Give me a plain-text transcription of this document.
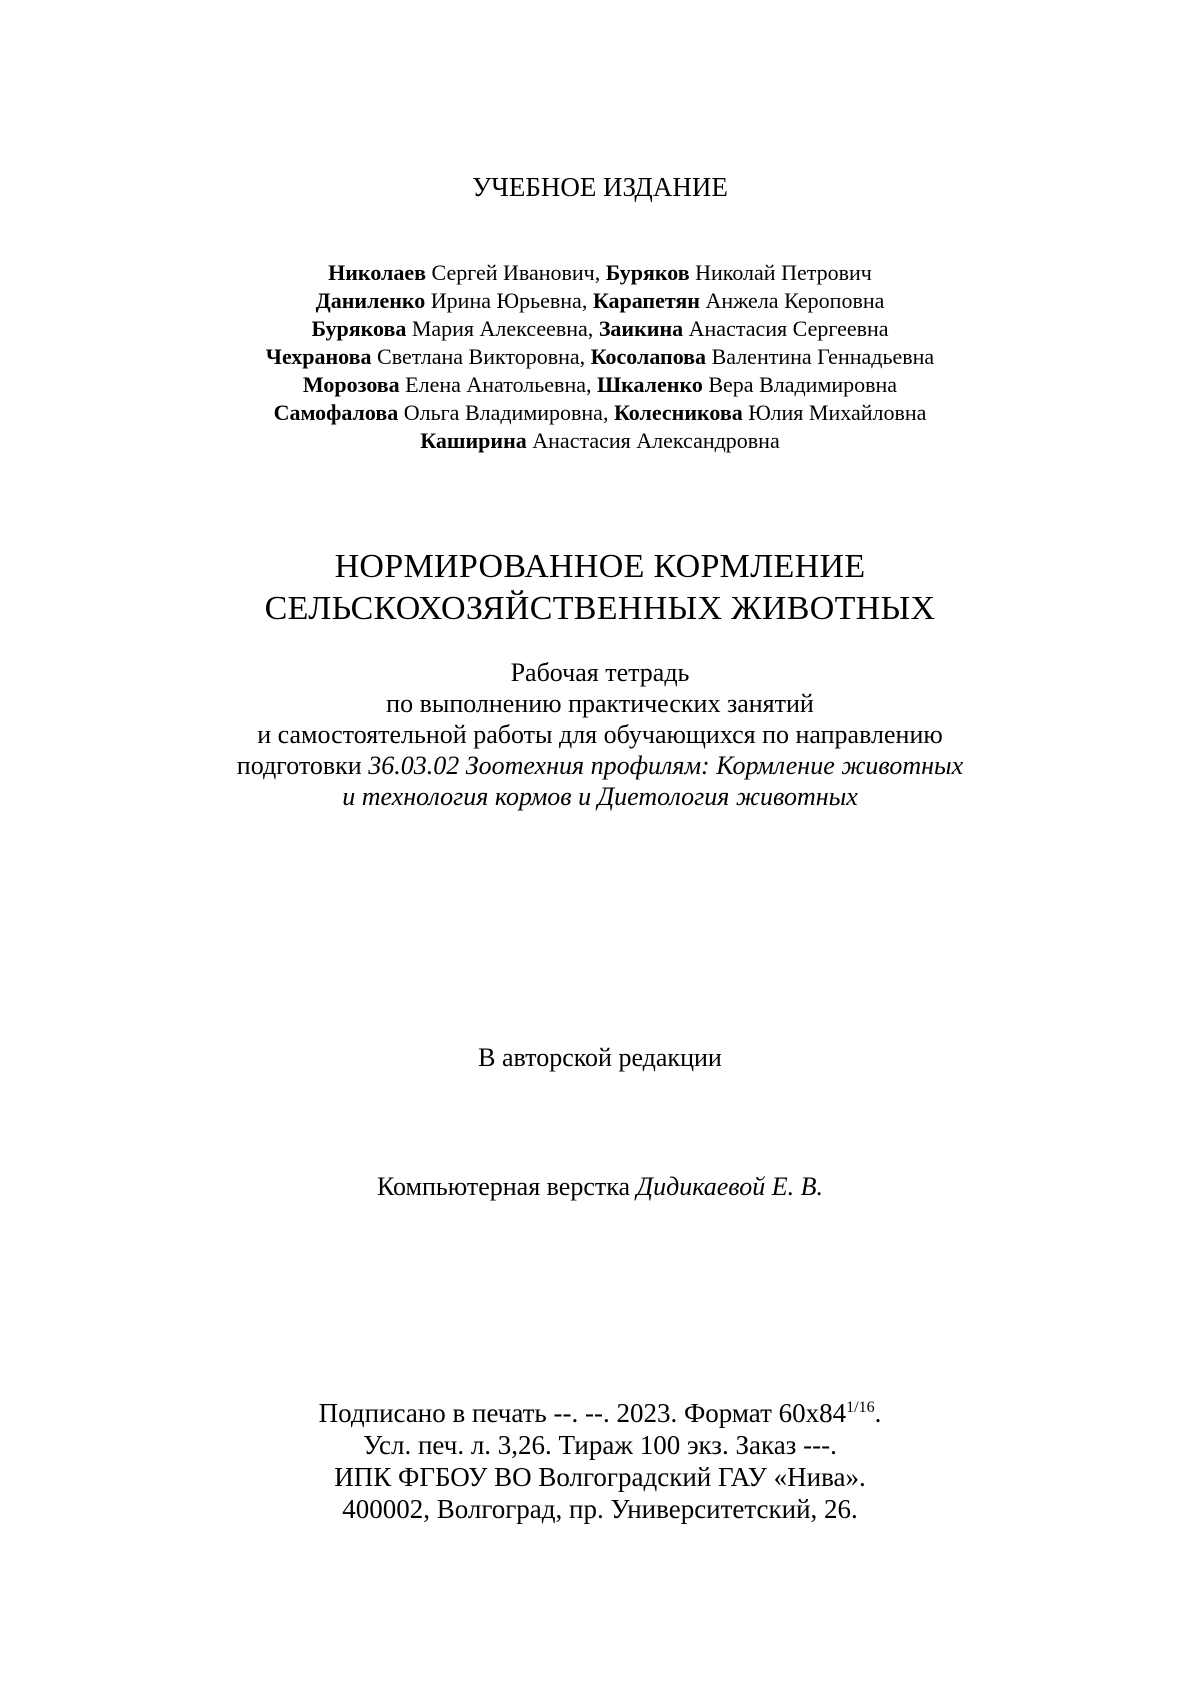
УЧЕБНОЕ ИЗДАНИЕ
Николаев Сергей Иванович, Буряков Николай Петрович
Даниленко Ирина Юрьевна, Карапетян Анжела Кероповна
Бурякова Мария Алексеевна, Заикина Анастасия Сергеевна
Чехранова Светлана Викторовна, Косолапова Валентина Геннадьевна
Морозова Елена Анатольевна, Шкаленко Вера Владимировна
Самофалова Ольга Владимировна, Колесникова Юлия Михайловна
Каширина Анастасия Александровна
НОРМИРОВАННОЕ КОРМЛЕНИЕ
СЕЛЬСКОХОЗЯЙСТВЕННЫХ ЖИВОТНЫХ
Рабочая тетрадь
по выполнению практических занятий
и самостоятельной работы для обучающихся по направлению
подготовки 36.03.02 Зоотехния профилям: Кормление животных
и технология кормов и Диетология животных
В авторской редакции
Компьютерная верстка Дидикаевой Е. В.
Подписано в печать --. --. 2023. Формат $60x84^{1/16}$.
Усл. печ. л. 3,26. Тираж 100 экз. Заказ ---.
ИПК ФГБОУ ВО Волгоградский ГАУ «Нива».
400002, Волгоград, пр. Университетский, 26.
